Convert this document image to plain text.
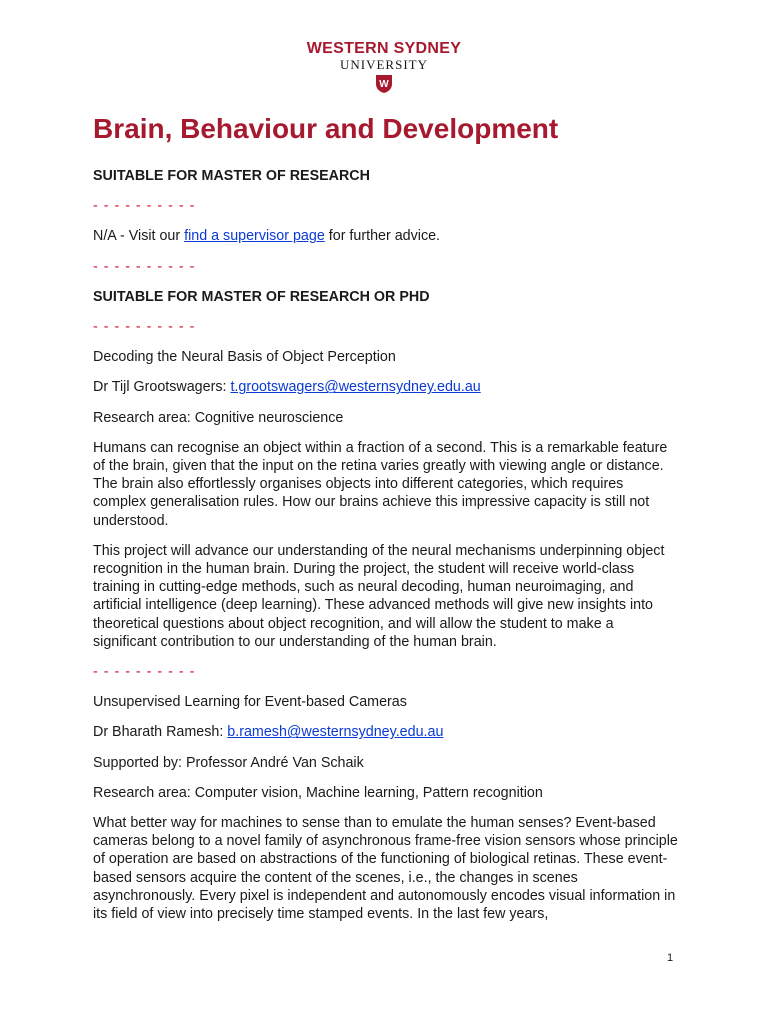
WESTERN SYDNEY
UNIVERSITY
W
Brain, Behaviour and Development
SUITABLE FOR MASTER OF RESEARCH
- - - - - - - - - -

N/A - Visit our find a supervisor page for further advice.

- - - - - - - - - -
SUITABLE FOR MASTER OF RESEARCH OR PHD
- - - - - - - - - -

Decoding the Neural Basis of Object Perception

Dr Tijl Grootswagers: t.grootswagers@westernsydney.edu.au

Research area: Cognitive neuroscience

Humans can recognise an object within a fraction of a second. This is a remarkable feature of the brain, given that the input on the retina varies greatly with viewing angle or distance. The brain also effortlessly organises objects into different categories, which requires complex generalisation rules. How our brains achieve this impressive capacity is still not understood.

This project will advance our understanding of the neural mechanisms underpinning object recognition in the human brain. During the project, the student will receive world-class training in cutting-edge methods, such as neural decoding, human neuroimaging, and artificial intelligence (deep learning). These advanced methods will give new insights into theoretical questions about object recognition, and will allow the student to make a significant contribution to our understanding of the human brain.

- - - - - - - - - -

Unsupervised Learning for Event-based Cameras

Dr Bharath Ramesh: b.ramesh@westernsydney.edu.au

Supported by: Professor André Van Schaik

Research area: Computer vision, Machine learning, Pattern recognition

What better way for machines to sense than to emulate the human senses? Event-based cameras belong to a novel family of asynchronous frame-free vision sensors whose principle of operation are based on abstractions of the functioning of biological retinas. These event-based sensors acquire the content of the scenes, i.e., the changes in scenes asynchronously. Every pixel is independent and autonomously encodes visual information in its field of view into precisely time stamped events. In the last few years,

1
